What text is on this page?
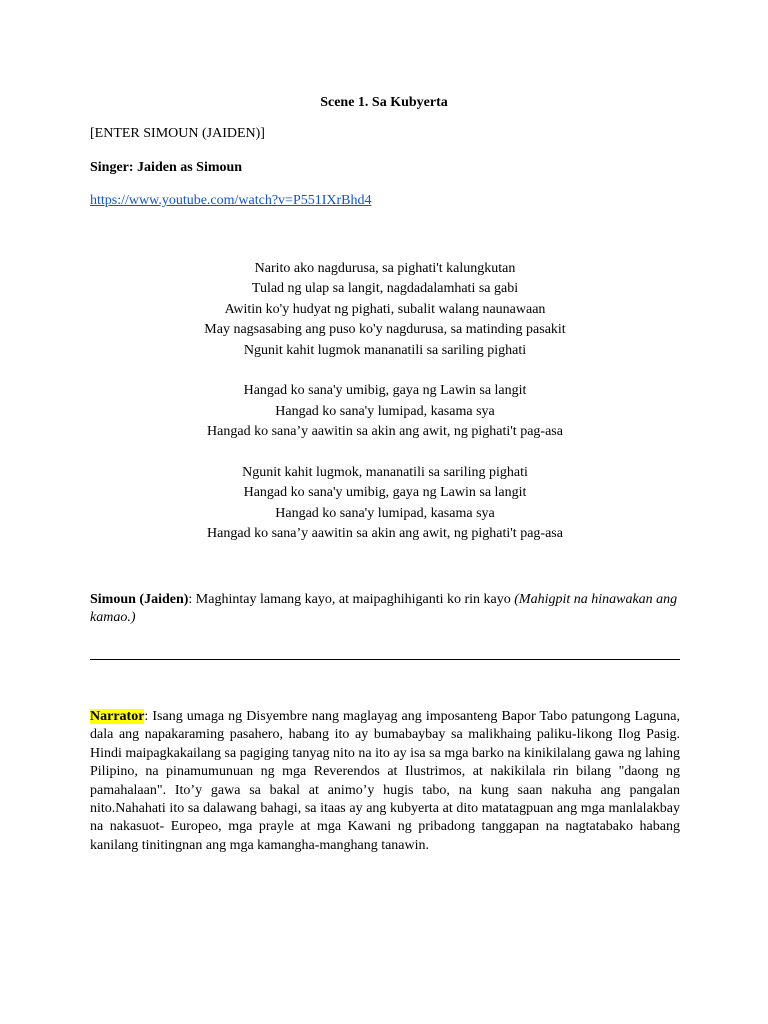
Scene 1. Sa Kubyerta
[ENTER SIMOUN (JAIDEN)]
Singer: Jaiden as Simoun
https://www.youtube.com/watch?v=P551IXrBhd4
Narito ako nagdurusa, sa pighati't kalungkutan
Tulad ng ulap sa langit, nagdadalamhati sa gabi
Awitin ko'y hudyat ng pighati, subalit walang naunawaan
May nagsasabing ang puso ko'y nagdurusa, sa matinding pasakit
Ngunit kahit lugmok mananatili sa sariling pighati
Hangad ko sana'y umibig, gaya ng Lawin sa langit
Hangad ko sana'y lumipad, kasama sya
Hangad ko sana’y aawitin sa akin ang awit, ng pighati't pag-asa
Ngunit kahit lugmok, mananatili sa sariling pighati
Hangad ko sana'y umibig, gaya ng Lawin sa langit
Hangad ko sana'y lumipad, kasama sya
Hangad ko sana’y aawitin sa akin ang awit, ng pighati't pag-asa
Simoun (Jaiden): Maghintay lamang kayo, at maipaghihiganti ko rin kayo (Mahigpit na hinawakan ang kamao.)
Narrator: Isang umaga ng Disyembre nang maglayag ang imposanteng Bapor Tabo patungong Laguna, dala ang napakaraming pasahero, habang ito ay bumabaybay sa malikhaing paliku-likong Ilog Pasig. Hindi maipagkakailang sa pagiging tanyag nito na ito ay isa sa mga barko na kinikilalang gawa ng lahing Pilipino, na pinamumunuan ng mga Reverendos at Ilustrimos, at nakikilala rin bilang "daong ng pamahalaan". Ito’y gawa sa bakal at animo’y hugis tabo, na kung saan nakuha ang pangalan nito.Nahahati ito sa dalawang bahagi, sa itaas ay ang kubyerta at dito matatagpuan ang mga manlalakbay na nakasuot- Europeo, mga prayle at mga Kawani ng pribadong tanggapan na nagtatabako habang kanilang tinitingnan ang mga kamangha-manghang tanawin.
